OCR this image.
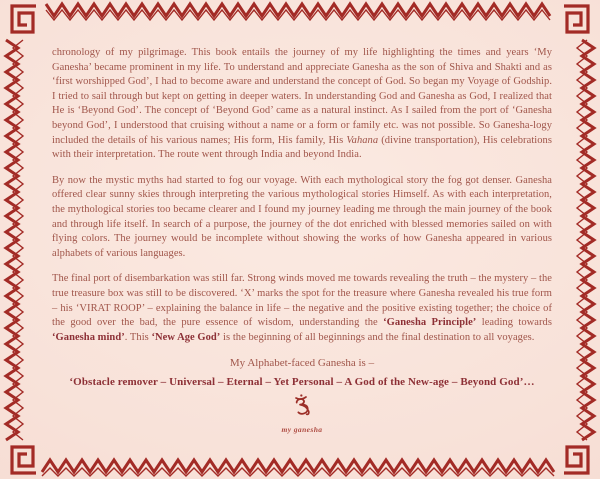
chronology of my pilgrimage. This book entails the journey of my life highlighting the times and years ‘My Ganesha’ became prominent in my life. To understand and appreciate Ganesha as the son of Shiva and Shakti and as ‘first worshipped God’, I had to become aware and understand the concept of God. So began my Voyage of Godship. I tried to sail through but kept on getting in deeper waters. In understanding God and Ganesha as God, I realized that He is ‘Beyond God’. The concept of ‘Beyond God’ came as a natural instinct. As I sailed from the port of ‘Ganesha beyond God’, I understood that cruising without a name or a form or family etc. was not possible. So Ganesha-logy included the details of his various names; His form, His family, His Vahana (divine transportation), His celebrations with their interpretation. The route went through India and beyond India.

By now the mystic myths had started to fog our voyage. With each mythological story the fog got denser. Ganesha offered clear sunny skies through interpreting the various mythological stories Himself. As with each interpretation, the mythological stories too became clearer and I found my journey leading me through the main journey of the book and through life itself. In search of a purpose, the journey of the dot enriched with blessed memories sailed on with flying colors. The journey would be incomplete without showing the works of how Ganesha appeared in various alphabets of various languages.

The final port of disembarkation was still far. Strong winds moved me towards revealing the truth – the mystery – the true treasure box was still to be discovered. ‘X’ marks the spot for the treasure where Ganesha revealed his true form – his ‘VIRAT ROOP’ – explaining the balance in life – the negative and the positive existing together; the choice of the good over the bad, the pure essence of wisdom, understanding the ‘Ganesha Principle’ leading towards ‘Ganesha mind’. This ‘New Age God’ is the beginning of all beginnings and the final destination to all voyages.

My Alphabet-faced Ganesha is –

‘Obstacle remover – Universal – Eternal – Yet Personal – A God of the New-age – Beyond God’…

my ganesha
